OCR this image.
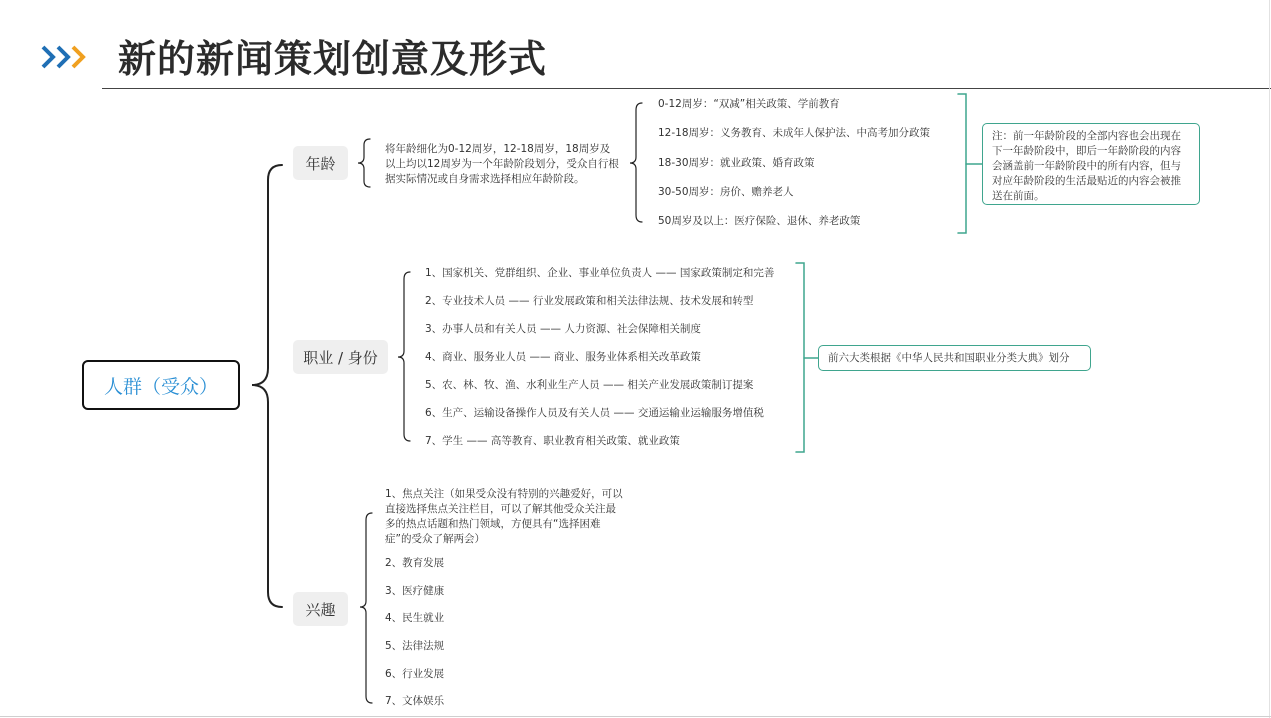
新的新闻策划创意及形式
人群（受众）
年龄
职业 / 身份
兴趣
将年龄细化为0-12周岁，12-18周岁，18周岁及以上均以12周岁为一个年龄阶段划分，受众自行根据实际情况或自身需求选择相应年龄阶段。
0-12周岁：“双减”相关政策、学前教育
12-18周岁：义务教育、未成年人保护法、中高考加分政策
18-30周岁：就业政策、婚育政策
30-50周岁：房价、赡养老人
50周岁及以上：医疗保险、退休、养老政策
注：前一年龄阶段的全部内容也会出现在下一年龄阶段中，即后一年龄阶段的内容会涵盖前一年龄阶段中的所有内容，但与对应年龄阶段的生活最贴近的内容会被推送在前面。
1、国家机关、党群组织、企业、事业单位负责人 —— 国家政策制定和完善
2、专业技术人员 —— 行业发展政策和相关法律法规、技术发展和转型
3、办事人员和有关人员 —— 人力资源、社会保障相关制度
4、商业、服务业人员 —— 商业、服务业体系相关改革政策
5、农、林、牧、渔、水利业生产人员 —— 相关产业发展政策制订提案
6、生产、运输设备操作人员及有关人员 —— 交通运输业运输服务增值税
7、学生 —— 高等教育、职业教育相关政策、就业政策
前六大类根据《中华人民共和国职业分类大典》划分
1、焦点关注（如果受众没有特别的兴趣爱好，可以直接选择焦点关注栏目，可以了解其他受众关注最多的热点话题和热门领域，方便具有“选择困难症”的受众了解两会）
2、教育发展
3、医疗健康
4、民生就业
5、法律法规
6、行业发展
7、文体娱乐
